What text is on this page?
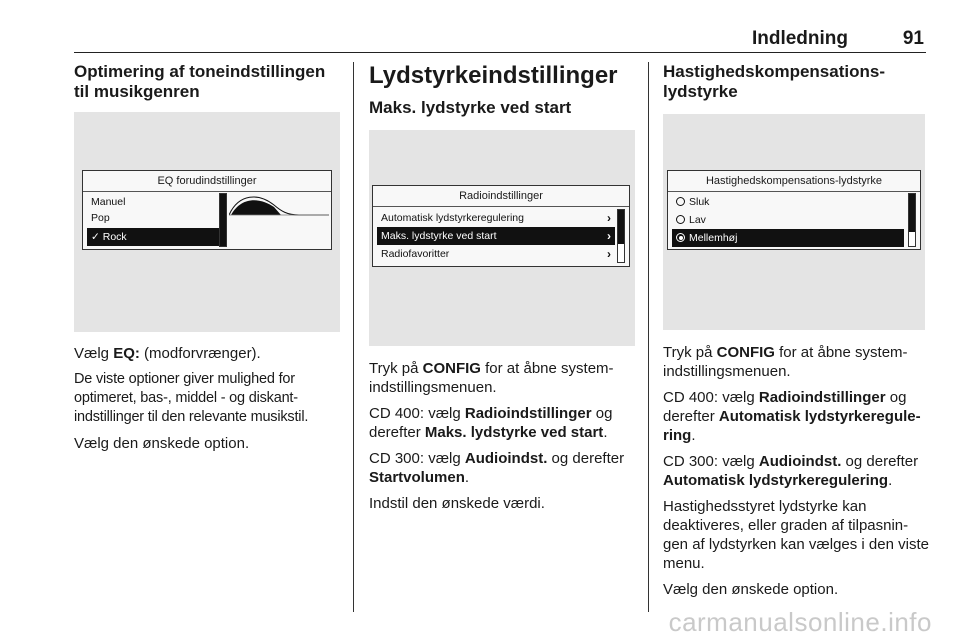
Indledning	91
Optimering af toneindstillingen til musikgenren
EQ forudindstillinger
Manuel
Pop
✓ Rock

Vælg EQ: (modforvrænger).

De viste optioner giver mulighed for optimeret, bas-, middel - og diskant-indstillinger til den relevante musikstil.

Vælg den ønskede option.

Lydstyrkeindstillinger
Maks. lydstyrke ved start
Radioindstillinger
Automatisk lydstyrkeregulering	›
Maks. lydstyrke ved start	›
Radiofavoritter	›

Tryk på CONFIG for at åbne system-indstillingsmenuen.

CD 400: vælg Radioindstillinger og derefter Maks. lydstyrke ved start.

CD 300: vælg Audioindst. og derefter Startvolumen.

Indstil den ønskede værdi.

Hastighedskompensations-lydstyrke
Hastighedskompensations-lydstyrke
Sluk
Lav
Mellemhøj

Tryk på CONFIG for at åbne system-indstillingsmenuen.

CD 400: vælg Radioindstillinger og derefter Automatisk lydstyrkeregule-ring.

CD 300: vælg Audioindst. og derefter Automatisk lydstyrkeregulering.

Hastighedsstyret lydstyrke kan deaktiveres, eller graden af tilpasnin-gen af lydstyrken kan vælges i den viste menu.

Vælg den ønskede option.

carmanualsonline.info
